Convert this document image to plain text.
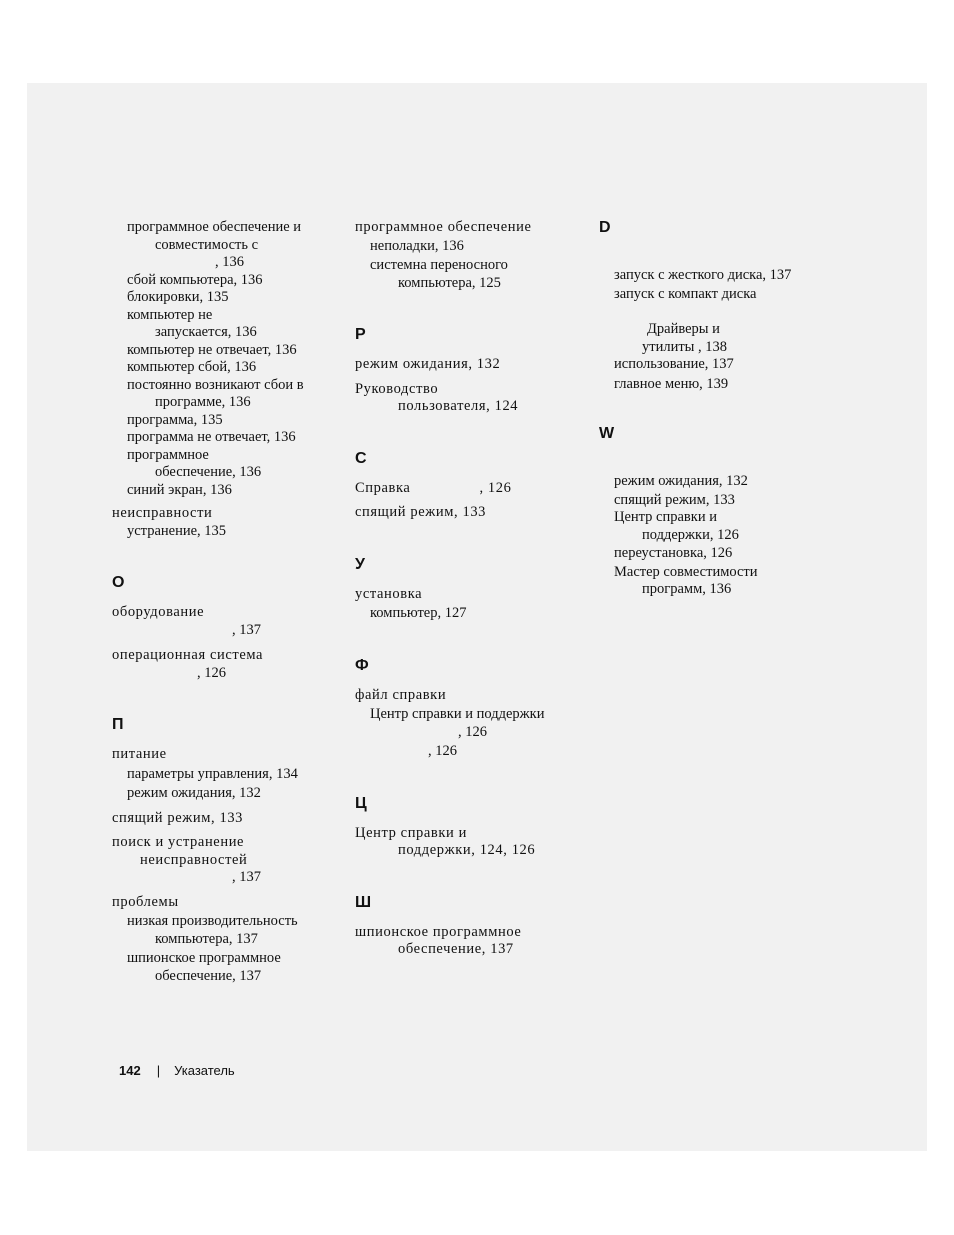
программное обеспечение и
совместимость с
, 136
сбой компьютера, 136
блокировки, 135
компьютер не
запускается, 136
компьютер не отвечает, 136
компьютер сбой, 136
постоянно возникают сбои в
программе, 136
программа, 135
программа не отвечает, 136
программное
обеспечение, 136
синий экран, 136
неисправности
устранение, 135
О
оборудование
, 137
операционная система
, 126
П
питание
параметры управления, 134
режим ожидания, 132
спящий режим, 133
поиск и устранение
неисправностей
, 137
проблемы
низкая производительность
компьютера, 137
шпионское программное
обеспечение, 137
программное обеспечение
неполадки, 136
системна переносного
компьютера, 125
Р
режим ожидания, 132
Руководство
пользователя, 124
С
Справка	, 126
спящий режим, 133
У
установка
компьютер, 127
Ф
файл справки
Центр справки и поддержки
, 126
, 126
Ц
Центр справки и
поддержки, 124, 126
Ш
шпионское программное
обеспечение, 137
D
запуск с жесткого диска, 137
запуск с компакт диска
Драйверы и
утилиты , 138
использование, 137
главное меню, 139
W
режим ожидания, 132
спящий режим, 133
Центр справки и
поддержки, 126
переустановка, 126
Мастер совместимости
программ, 136
142 | Указатель
